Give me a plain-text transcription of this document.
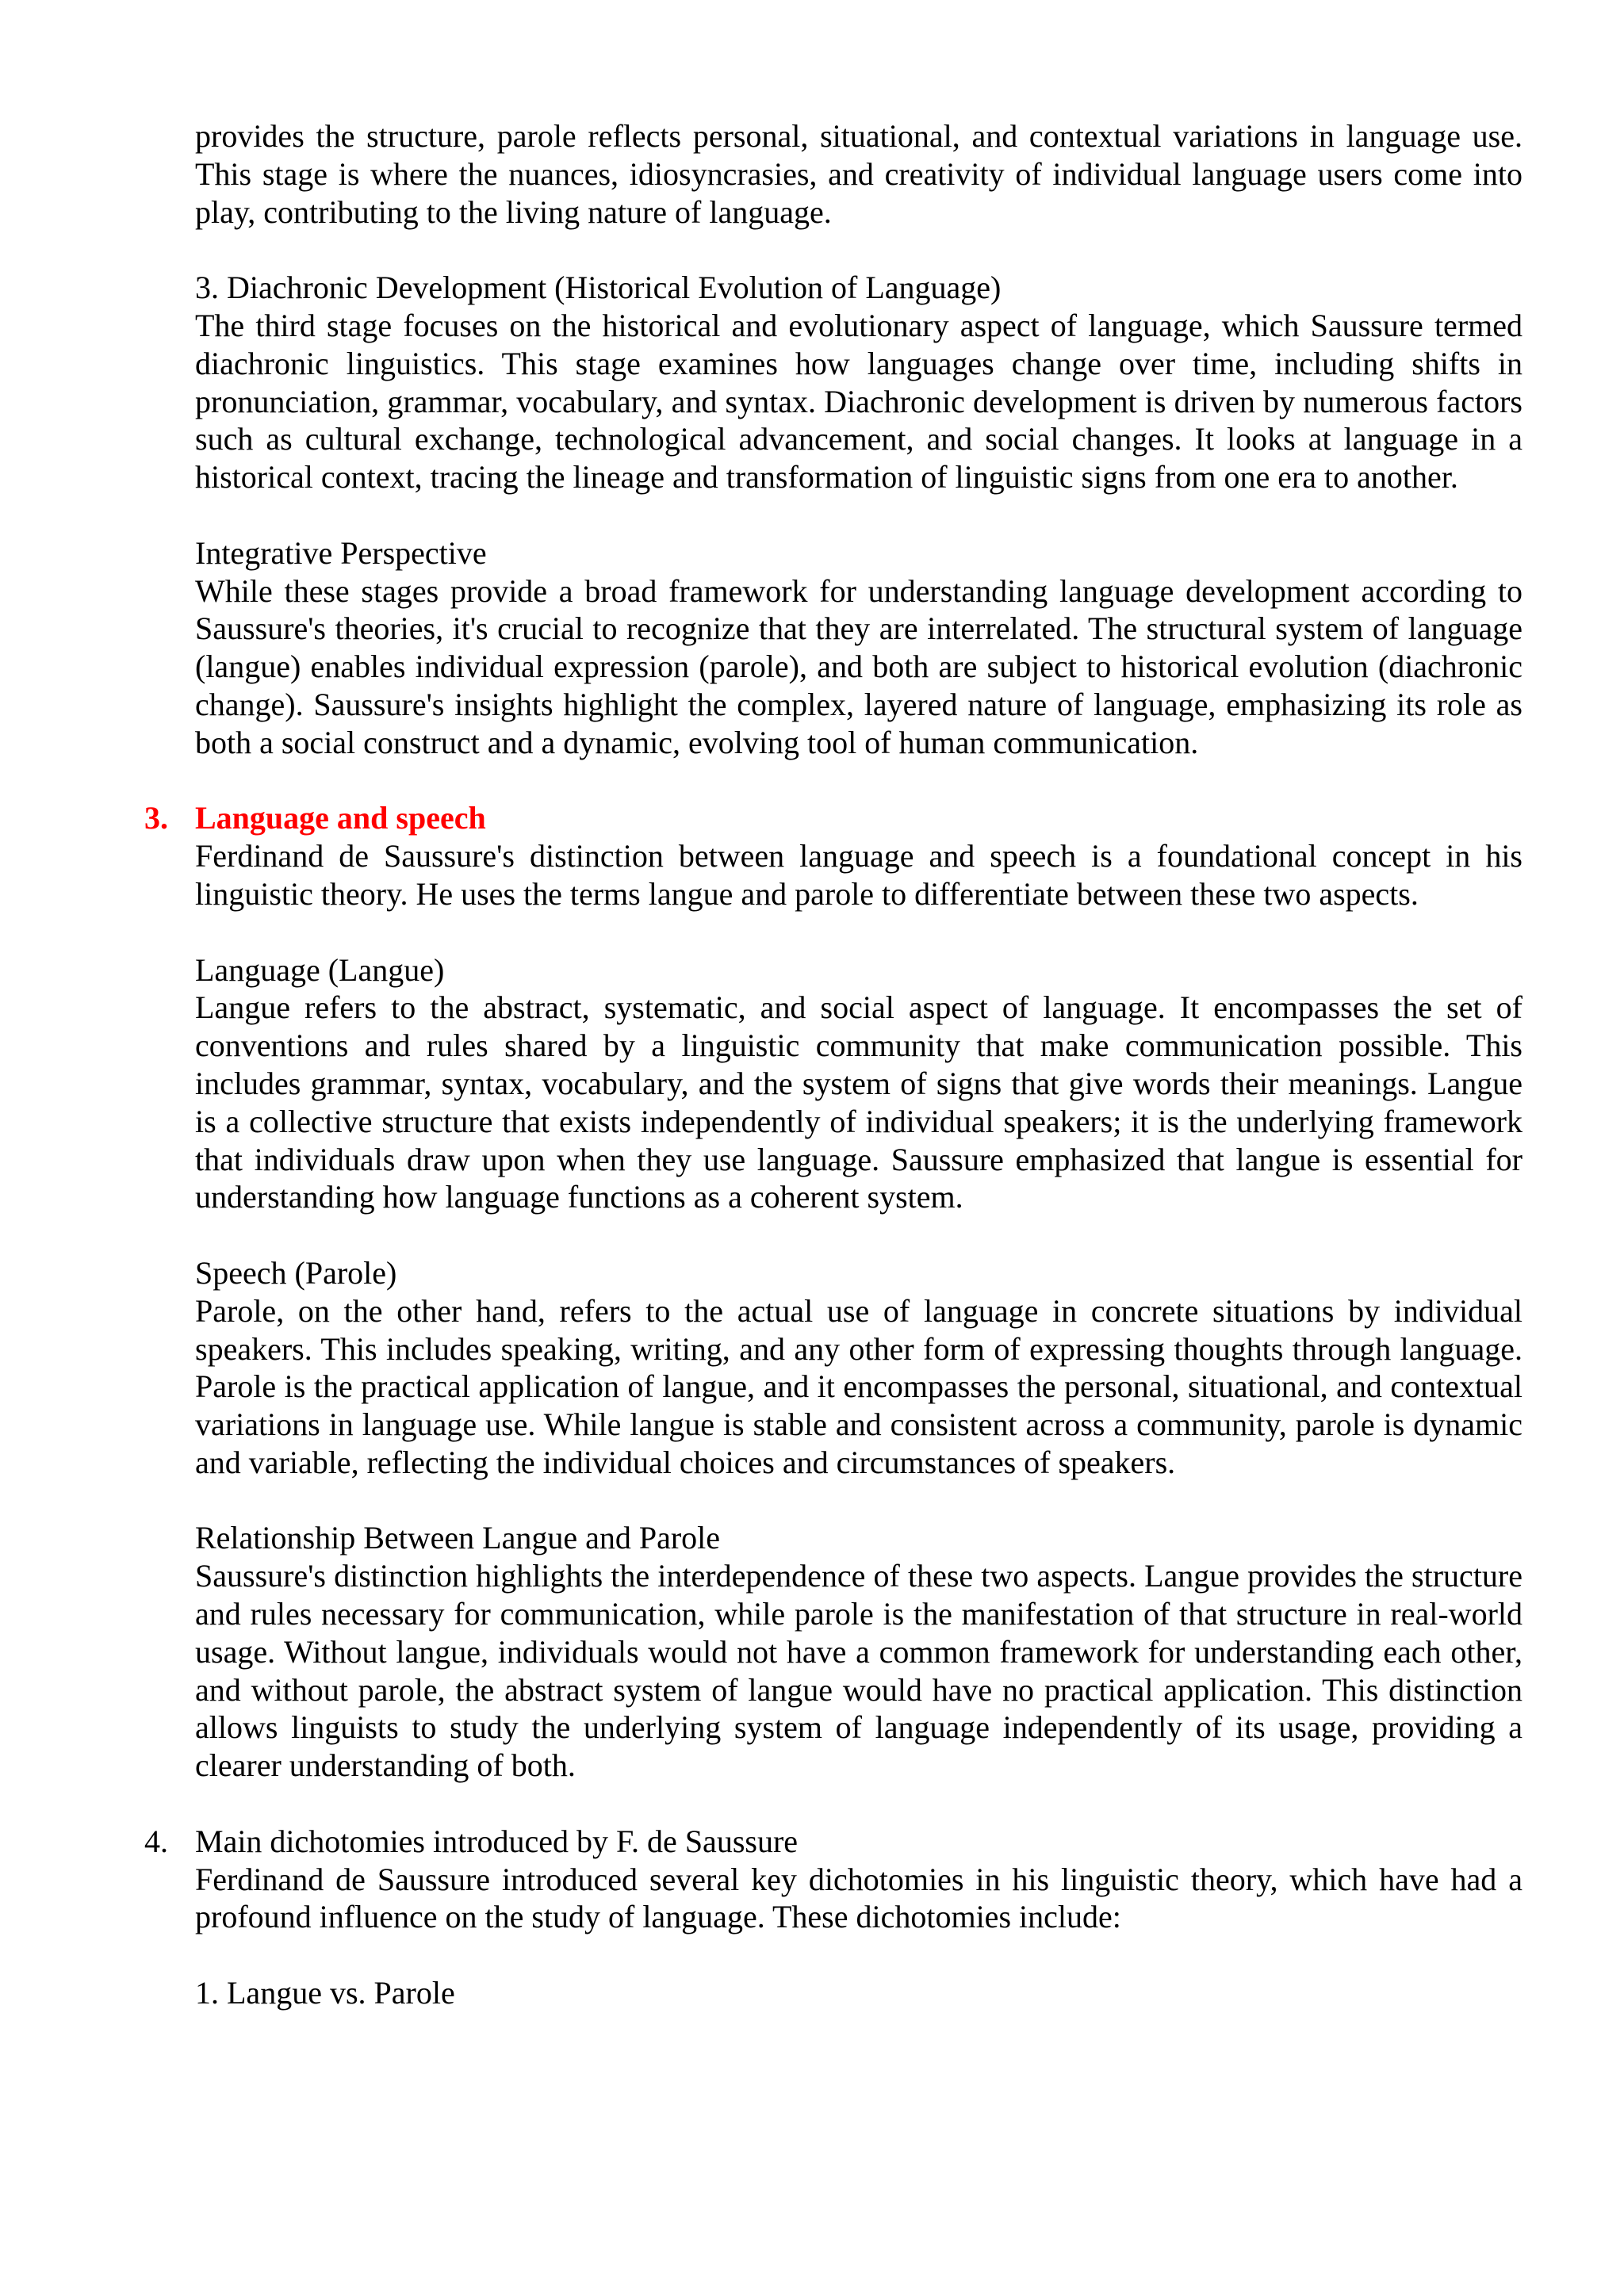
provides the structure, parole reflects personal, situational, and contextual variations in language use. This stage is where the nuances, idiosyncrasies, and creativity of individual language users come into play, contributing to the living nature of language.

3. Diachronic Development (Historical Evolution of Language)

The third stage focuses on the historical and evolutionary aspect of language, which Saussure termed diachronic linguistics. This stage examines how languages change over time, including shifts in pronunciation, grammar, vocabulary, and syntax. Diachronic development is driven by numerous factors such as cultural exchange, technological advancement, and social changes. It looks at language in a historical context, tracing the lineage and transformation of linguistic signs from one era to another.

Integrative Perspective

While these stages provide a broad framework for understanding language development according to Saussure's theories, it's crucial to recognize that they are interrelated. The structural system of language (langue) enables individual expression (parole), and both are subject to historical evolution (diachronic change). Saussure's insights highlight the complex, layered nature of language, emphasizing its role as both a social construct and a dynamic, evolving tool of human communication.

3. Language and speech

Ferdinand de Saussure's distinction between language and speech is a foundational concept in his linguistic theory. He uses the terms langue and parole to differentiate between these two aspects.

Language (Langue)

Langue refers to the abstract, systematic, and social aspect of language. It encompasses the set of conventions and rules shared by a linguistic community that make communication possible. This includes grammar, syntax, vocabulary, and the system of signs that give words their meanings. Langue is a collective structure that exists independently of individual speakers; it is the underlying framework that individuals draw upon when they use language. Saussure emphasized that langue is essential for understanding how language functions as a coherent system.

Speech (Parole)

Parole, on the other hand, refers to the actual use of language in concrete situations by individual speakers. This includes speaking, writing, and any other form of expressing thoughts through language. Parole is the practical application of langue, and it encompasses the personal, situational, and contextual variations in language use. While langue is stable and consistent across a community, parole is dynamic and variable, reflecting the individual choices and circumstances of speakers.

Relationship Between Langue and Parole

Saussure's distinction highlights the interdependence of these two aspects. Langue provides the structure and rules necessary for communication, while parole is the manifestation of that structure in real-world usage. Without langue, individuals would not have a common framework for understanding each other, and without parole, the abstract system of langue would have no practical application. This distinction allows linguists to study the underlying system of language independently of its usage, providing a clearer understanding of both.

4. Main dichotomies introduced by F. de Saussure

Ferdinand de Saussure introduced several key dichotomies in his linguistic theory, which have had a profound influence on the study of language. These dichotomies include:

1. Langue vs. Parole
